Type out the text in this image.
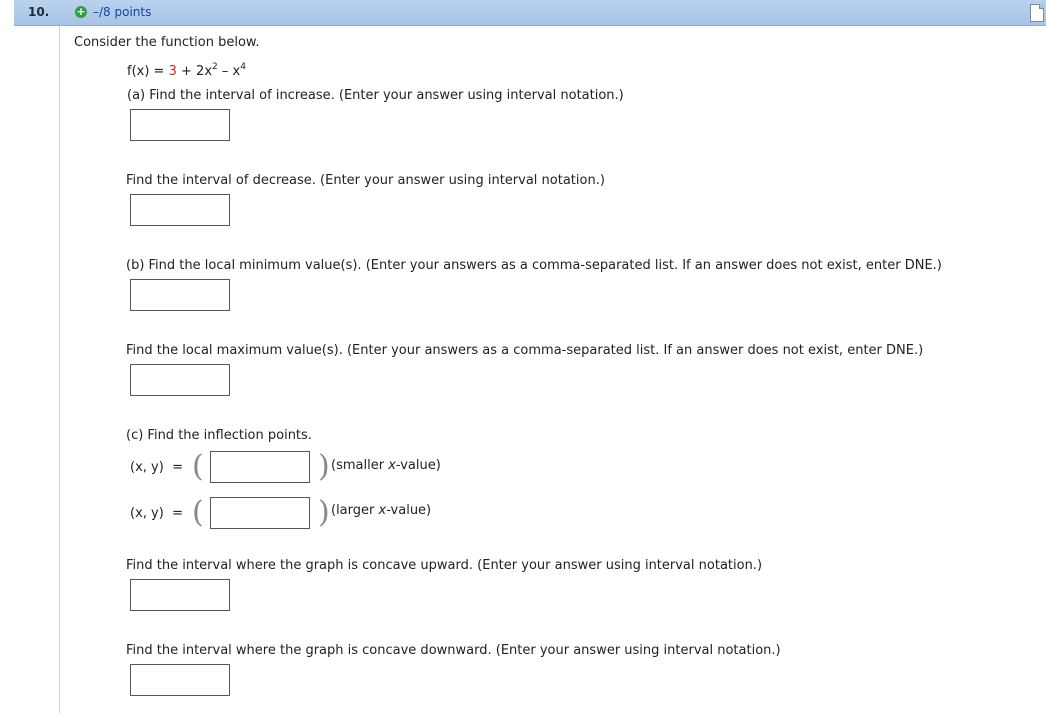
10. + –/8 points
Consider the function below.
$f(x) = 3 + 2x^2 - x^4$
(a) Find the interval of increase. (Enter your answer using interval notation.)
Find the interval of decrease. (Enter your answer using interval notation.)
(b) Find the local minimum value(s). (Enter your answers as a comma-separated list. If an answer does not exist, enter DNE.)
Find the local maximum value(s). (Enter your answers as a comma-separated list. If an answer does not exist, enter DNE.)
(c) Find the inflection points.
(x, y) = (	) (smaller x-value)
(x, y) = (	) (larger x-value)
Find the interval where the graph is concave upward. (Enter your answer using interval notation.)
Find the interval where the graph is concave downward. (Enter your answer using interval notation.)
